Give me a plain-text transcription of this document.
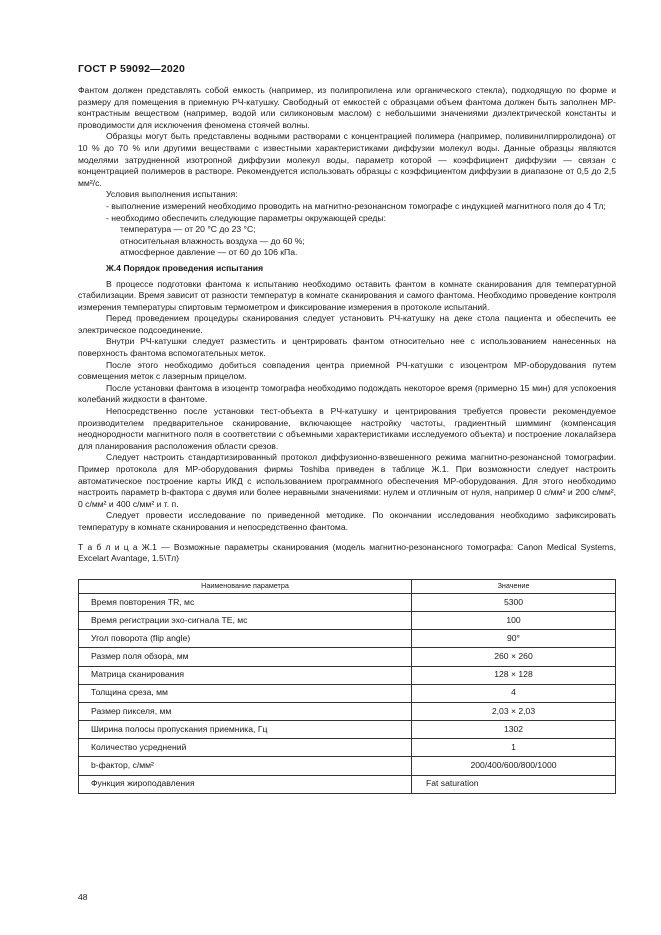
ГОСТ Р 59092—2020

Фантом должен представлять собой емкость (например, из полипропилена или органического стекла), подходящую по форме и размеру для помещения в приемную РЧ-катушку. Свободный от емкостей с образцами объем фантома должен быть заполнен МР-контрастным веществом (например, водой или силиконовым маслом) с небольшими значениями диэлектрической константы и проводимости для исключения феномена стоячей волны.

Образцы могут быть представлены водными растворами с концентрацией полимера (например, поливинилпирролидона) от 10 % до 70 % или другими веществами с известными характеристиками диффузии молекул воды. Данные образцы являются моделями затрудненной изотропной диффузии молекул воды, параметр которой — коэффициент диффузии — связан с концентрацией полимеров в растворе. Рекомендуется использовать образцы с коэффициентом диффузии в диапазоне от 0,5 до 2,5 мм²/с.

Условия выполнения испытания:

- выполнение измерений необходимо проводить на магнитно-резонансном томографе с индукцией магнитного поля до 4 Тл;

- необходимо обеспечить следующие параметры окружающей среды:

температура — от 20 °С до 23 °С;

относительная влажность воздуха — до 60 %;

атмосферное давление — от 60 до 106 кПа.

Ж.4 Порядок проведения испытания

В процессе подготовки фантома к испытанию необходимо оставить фантом в комнате сканирования для температурной стабилизации. Время зависит от разности температур в комнате сканирования и самого фантома. Необходимо проведение контроля измерения температуры спиртовым термометром и фиксирование измерения в протоколе испытаний.

Перед проведением процедуры сканирования следует установить РЧ-катушку на деке стола пациента и обеспечить ее электрическое подсоединение.

Внутри РЧ-катушки следует разместить и центрировать фантом относительно нее с использованием нанесенных на поверхность фантома вспомогательных меток.

После этого необходимо добиться совпадения центра приемной РЧ-катушки с изоцентром МР-оборудования путем совмещения меток с лазерным прицелом.

После установки фантома в изоцентр томографа необходимо подождать некоторое время (примерно 15 мин) для успокоения колебаний жидкости в фантоме.

Непосредственно после установки тест-объекта в РЧ-катушку и центрирования требуется провести рекомендуемое производителем предварительное сканирование, включающее настройку частоты, градиентный шимминг (компенсация неоднородности магнитного поля в соответствии с объемными характеристиками исследуемого объекта) и построение локалайзера для планирования расположения области срезов.

Следует настроить стандартизированный протокол диффузионно-взвешенного режима магнитно-резонансной томографии. Пример протокола для МР-оборудования фирмы Toshiba приведен в таблице Ж.1. При возможности следует настроить автоматическое построение карты ИКД с использованием программного обеспечения МР-оборудования. Для этого необходимо настроить параметр b-фактора с двумя или более неравными значениями: нулем и отличным от нуля, например 0 с/мм² и 200 с/мм², 0 с/мм² и 400 с/мм² и т. п.

Следует провести исследование по приведенной методике. По окончании исследования необходимо зафиксировать температуру в комнате сканирования и непосредственно фантома.

Т а б л и ц а Ж.1 — Возможные параметры сканирования (модель магнитно-резонансного томографа: Canon Medical Systems, Excelart Avantage, 1.5\Тл)

Наименование параметра	Значение
Время повторения TR, мс	5300
Время регистрации эхо-сигнала TE, мс	100
Угол поворота (flip angle)	90°
Размер поля обзора, мм	260 × 260
Матрица сканирования	128 × 128
Толщина среза, мм	4
Размер пикселя, мм	2,03 × 2,03
Ширина полосы пропускания приемника, Гц	1302
Количество усреднений	1
b-фактор, с/мм²	200/400/600/800/1000
Функция жироподавления	Fat saturation
48
